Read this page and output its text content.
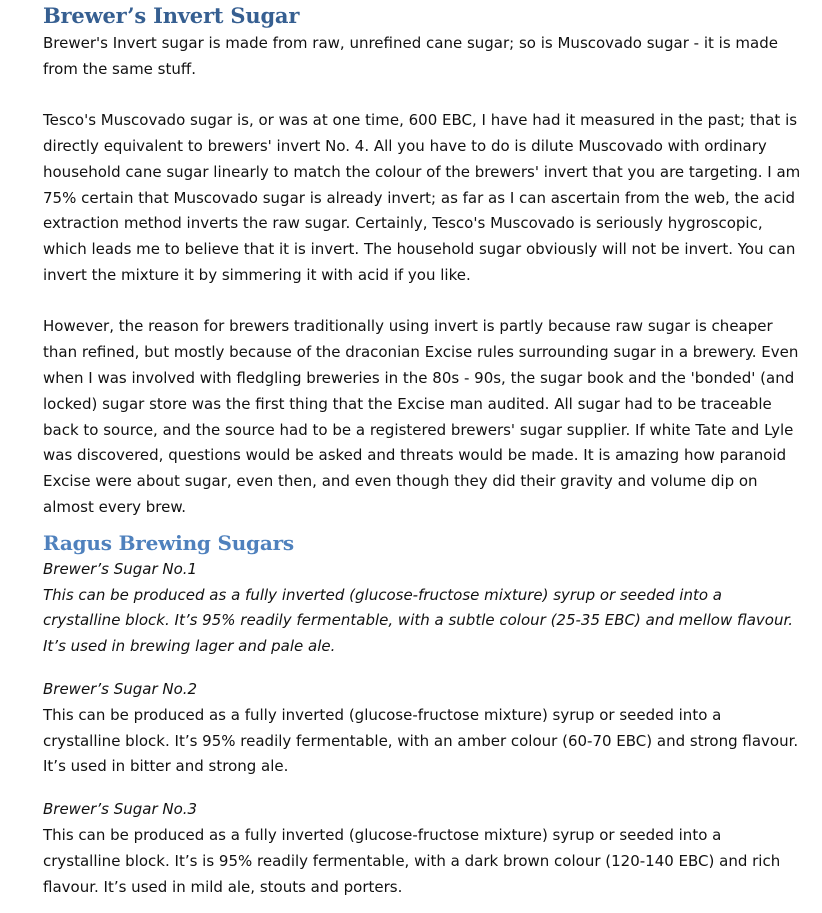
Brewer’s Invert Sugar

Brewer's Invert sugar is made from raw, unrefined cane sugar; so is Muscovado sugar - it is made from the same stuff.

Tesco's Muscovado sugar is, or was at one time, 600 EBC, I have had it measured in the past; that is directly equivalent to brewers' invert No. 4. All you have to do is dilute Muscovado with ordinary household cane sugar linearly to match the colour of the brewers' invert that you are targeting. I am 75% certain that Muscovado sugar is already invert; as far as I can ascertain from the web, the acid extraction method inverts the raw sugar. Certainly, Tesco's Muscovado is seriously hygroscopic, which leads me to believe that it is invert. The household sugar obviously will not be invert. You can invert the mixture it by simmering it with acid if you like.

However, the reason for brewers traditionally using invert is partly because raw sugar is cheaper than refined, but mostly because of the draconian Excise rules surrounding sugar in a brewery. Even when I was involved with fledgling breweries in the 80s - 90s, the sugar book and the 'bonded' (and locked) sugar store was the first thing that the Excise man audited. All sugar had to be traceable back to source, and the source had to be a registered brewers' sugar supplier. If white Tate and Lyle was discovered, questions would be asked and threats would be made. It is amazing how paranoid Excise were about sugar, even then, and even though they did their gravity and volume dip on almost every brew.

Ragus Brewing Sugars

Brewer’s Sugar No.1

This can be produced as a fully inverted (glucose-fructose mixture) syrup or seeded into a crystalline block. It’s 95% readily fermentable, with a subtle colour (25-35 EBC) and mellow flavour. It’s used in brewing lager and pale ale.

Brewer’s Sugar No.2

This can be produced as a fully inverted (glucose-fructose mixture) syrup or seeded into a crystalline block. It’s 95% readily fermentable, with an amber colour (60-70 EBC) and strong flavour. It’s used in bitter and strong ale.

Brewer’s Sugar No.3

This can be produced as a fully inverted (glucose-fructose mixture) syrup or seeded into a crystalline block. It’s is 95% readily fermentable, with a dark brown colour (120-140 EBC) and rich flavour. It’s used in mild ale, stouts and porters.
